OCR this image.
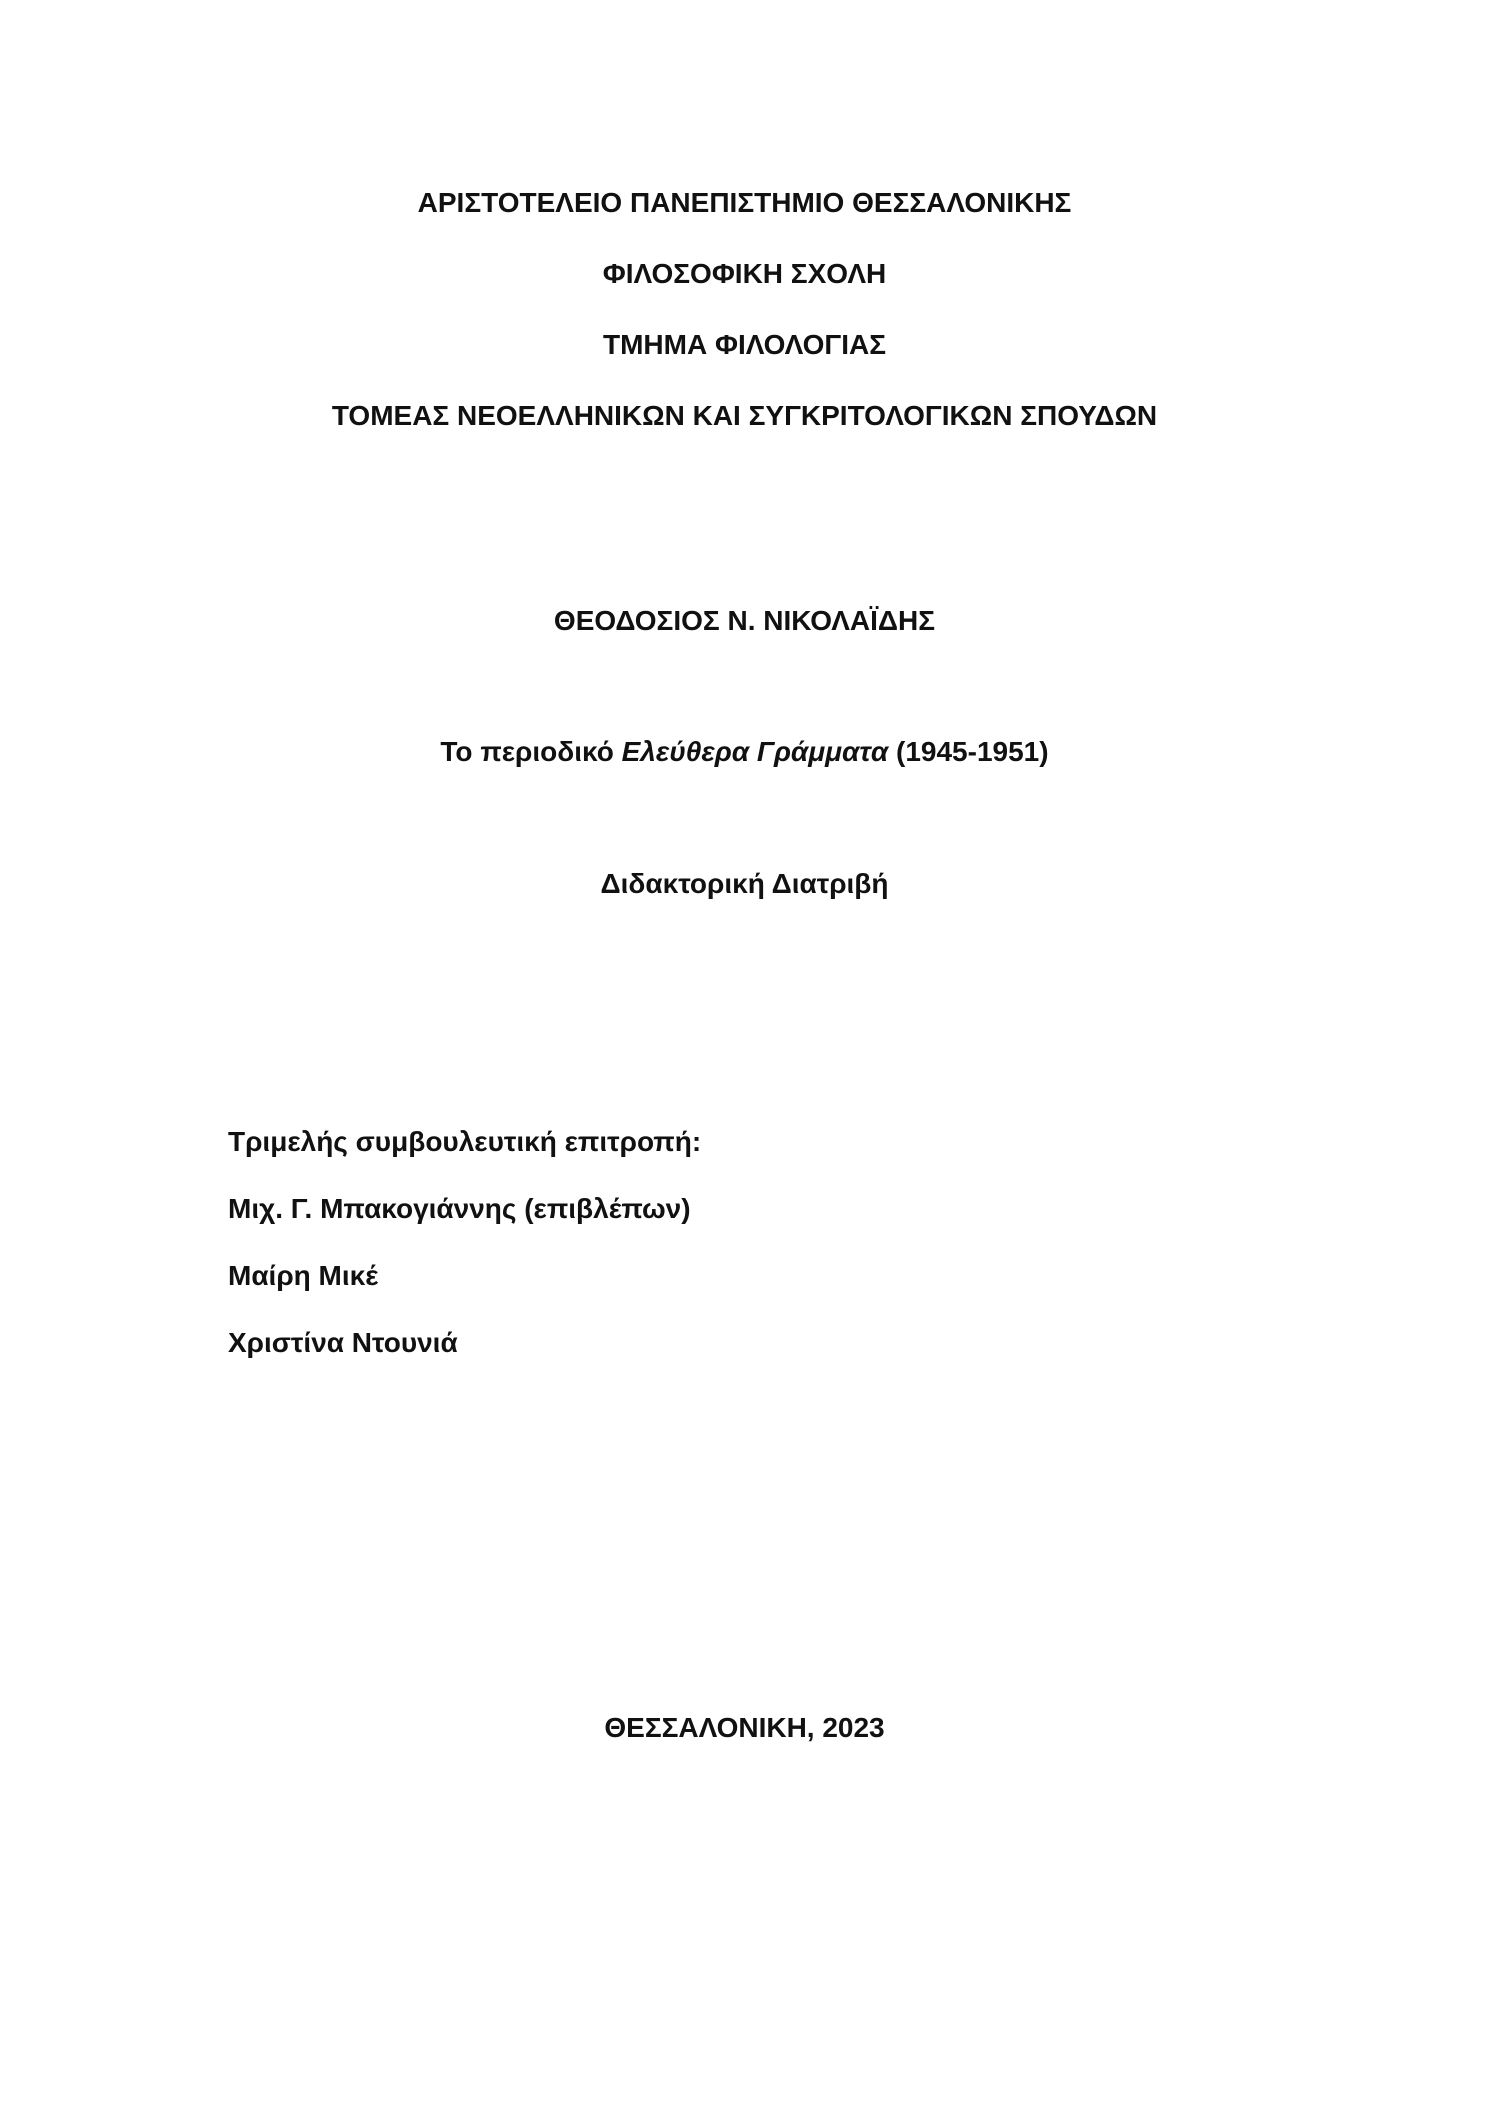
ΑΡΙΣΤΟΤΕΛΕΙΟ ΠΑΝΕΠΙΣΤΗΜΙΟ ΘΕΣΣΑΛΟΝΙΚΗΣ
ΦΙΛΟΣΟΦΙΚΗ ΣΧΟΛΗ
ΤΜΗΜΑ ΦΙΛΟΛΟΓΙΑΣ
ΤΟΜΕΑΣ ΝΕΟΕΛΛΗΝΙΚΩΝ ΚΑΙ ΣΥΓΚΡΙΤΟΛΟΓΙΚΩΝ ΣΠΟΥΔΩΝ
ΘΕΟΔΟΣΙΟΣ Ν. ΝΙΚΟΛΑΪΔΗΣ
Το περιοδικό Ελεύθερα Γράμματα (1945-1951)
Διδακτορική Διατριβή
Τριμελής συμβουλευτική επιτροπή:
Μιχ. Γ. Μπακογιάννης (επιβλέπων)
Μαίρη Μικέ
Χριστίνα Ντουνιά
ΘΕΣΣΑΛΟΝΙΚΗ, 2023
